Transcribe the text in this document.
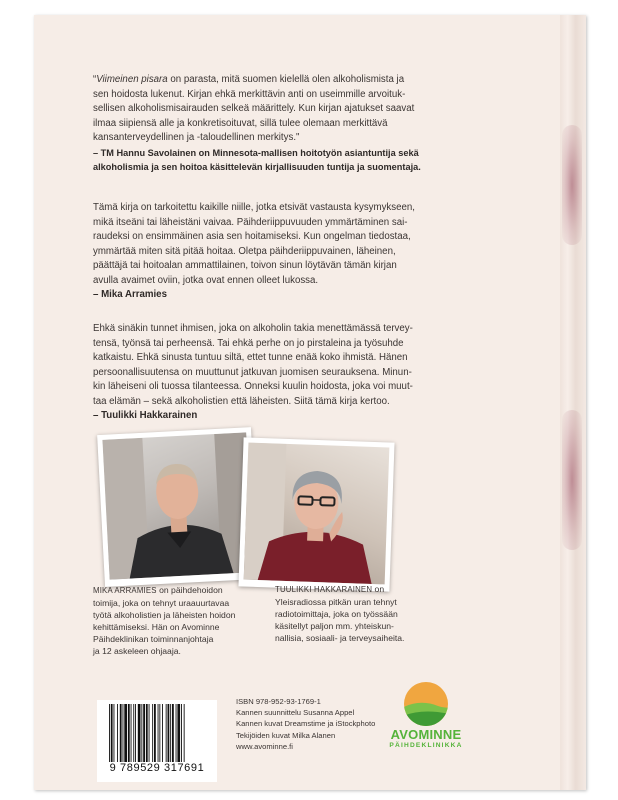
“Viimeinen pisara on parasta, mitä suomen kielellä olen alkoholismista ja

sen hoidosta lukenut. Kirjan ehkä merkittävin anti on useimmille arvoituk-

sellisen alkoholismisairauden selkeä määrittely. Kun kirjan ajatukset saavat

ilmaa siipiensä alle ja konkretisoituvat, sillä tulee olemaan merkittävä

kansanterveydellinen ja -taloudellinen merkitys."

– TM Hannu Savolainen on Minnesota-mallisen hoitotyön asiantuntija sekä

alkoholismia ja sen hoitoa käsittelevän kirjallisuuden tuntija ja suomentaja.

Tämä kirja on tarkoitettu kaikille niille, jotka etsivät vastausta kysymykseen,

mikä itseäni tai läheistäni vaivaa. Päihderiippuvuuden ymmärtäminen sai-

raudeksi on ensimmäinen asia sen hoitamiseksi. Kun ongelman tiedostaa,

ymmärtää miten sitä pitää hoitaa. Oletpa päihderiippuvainen, läheinen,

päättäjä tai hoitoalan ammattilainen, toivon sinun löytävän tämän kirjan

avulla avaimet oviin, jotka ovat ennen olleet lukossa.

– Mika Arramies

Ehkä sinäkin tunnet ihmisen, joka on alkoholin takia menettämässä tervey-

tensä, työnsä tai perheensä. Tai ehkä perhe on jo pirstaleina ja työsuhde

katkaistu. Ehkä sinusta tuntuu siltä, ettet tunne enää koko ihmistä. Hänen

persoonallisuutensa on muuttunut jatkuvan juomisen seurauksena. Minun-

kin läheiseni oli tuossa tilanteessa. Onneksi kuulin hoidosta, joka voi muut-

taa elämän – sekä alkoholistien että läheisten. Siitä tämä kirja kertoo.

– Tuulikki Hakkarainen

MIKA ARRAMIES on päihdehoidon
toimija, joka on tehnyt uraauurtavaa
työtä alkoholistien ja läheisten hoidon
kehittämiseksi. Hän on Avominne
Päihdeklinikan toiminnanjohtaja
ja 12 askeleen ohjaaja.
TUULIKKI HAKKARAINEN on
Yleisradiossa pitkän uran tehnyt
radiotoimittaja, joka on työssään
käsitellyt paljon mm. yhteiskun-
nallisia, sosiaali- ja terveysaiheita.
9 789529 317691
ISBN 978-952-93-1769-1
Kannen suunnittelu Susanna Appel
Kannen kuvat Dreamstime ja iStockphoto
Tekijöiden kuvat Milka Alanen
www.avominne.fi
AVOMINNE
PÄIHDEKLINIKKA
